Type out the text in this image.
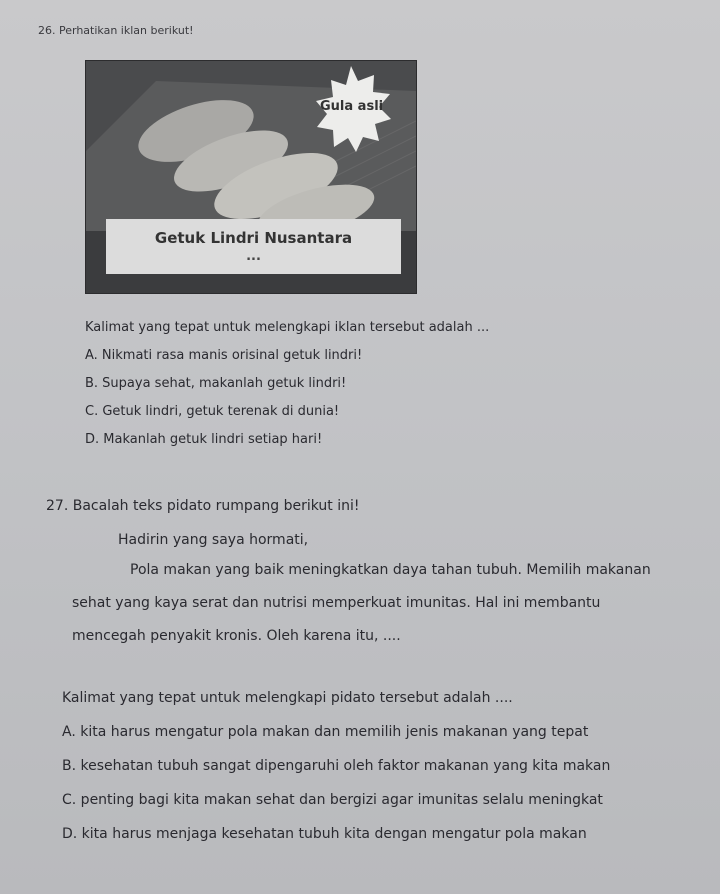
26. Perhatikan iklan berikut!
Gula asli
Getuk Lindri Nusantara
...
Kalimat yang tepat untuk melengkapi iklan tersebut adalah ...
A. Nikmati rasa manis orisinal getuk lindri!
B. Supaya sehat, makanlah getuk lindri!
C. Getuk lindri, getuk terenak di dunia!
D. Makanlah getuk lindri setiap hari!
27. Bacalah teks pidato rumpang berikut ini!
Hadirin yang saya hormati,
Pola makan yang baik meningkatkan daya tahan tubuh. Memilih makanan
sehat yang kaya serat dan nutrisi memperkuat imunitas. Hal ini membantu
mencegah penyakit kronis. Oleh karena itu, ....
Kalimat yang tepat untuk melengkapi pidato tersebut adalah ....
A. kita harus mengatur pola makan dan memilih jenis makanan yang tepat
B. kesehatan tubuh sangat dipengaruhi oleh faktor makanan yang kita makan
C. penting bagi kita makan sehat dan bergizi agar imunitas selalu meningkat
D. kita harus menjaga kesehatan tubuh kita dengan mengatur pola makan
